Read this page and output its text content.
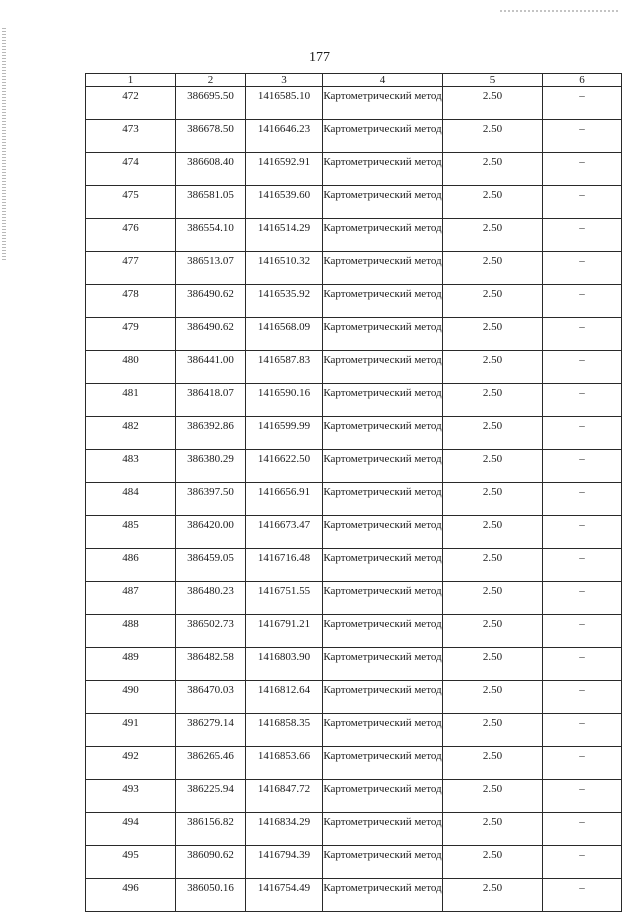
177
1	2	3	4	5	6
472	386695.50	1416585.10	Картометрический метод	2.50	–
473	386678.50	1416646.23	Картометрический метод	2.50	–
474	386608.40	1416592.91	Картометрический метод	2.50	–
475	386581.05	1416539.60	Картометрический метод	2.50	–
476	386554.10	1416514.29	Картометрический метод	2.50	–
477	386513.07	1416510.32	Картометрический метод	2.50	–
478	386490.62	1416535.92	Картометрический метод	2.50	–
479	386490.62	1416568.09	Картометрический метод	2.50	–
480	386441.00	1416587.83	Картометрический метод	2.50	–
481	386418.07	1416590.16	Картометрический метод	2.50	–
482	386392.86	1416599.99	Картометрический метод	2.50	–
483	386380.29	1416622.50	Картометрический метод	2.50	–
484	386397.50	1416656.91	Картометрический метод	2.50	–
485	386420.00	1416673.47	Картометрический метод	2.50	–
486	386459.05	1416716.48	Картометрический метод	2.50	–
487	386480.23	1416751.55	Картометрический метод	2.50	–
488	386502.73	1416791.21	Картометрический метод	2.50	–
489	386482.58	1416803.90	Картометрический метод	2.50	–
490	386470.03	1416812.64	Картометрический метод	2.50	–
491	386279.14	1416858.35	Картометрический метод	2.50	–
492	386265.46	1416853.66	Картометрический метод	2.50	–
493	386225.94	1416847.72	Картометрический метод	2.50	–
494	386156.82	1416834.29	Картометрический метод	2.50	–
495	386090.62	1416794.39	Картометрический метод	2.50	–
496	386050.16	1416754.49	Картометрический метод	2.50	–
